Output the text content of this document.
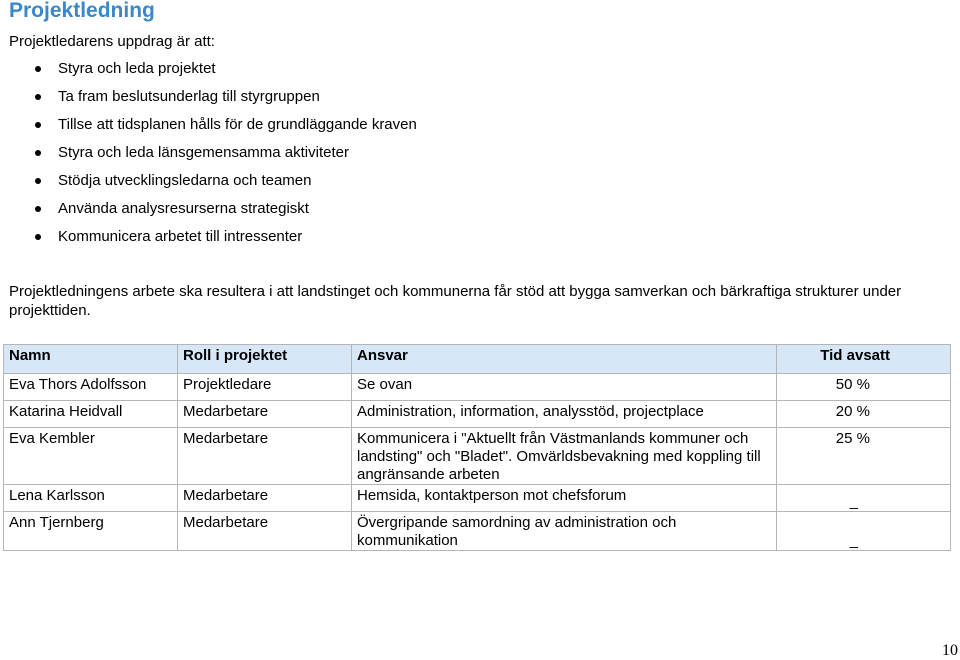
Projektledning
Projektledarens uppdrag är att:
Styra och leda projektet
Ta fram beslutsunderlag till styrgruppen
Tillse att tidsplanen hålls för de grundläggande kraven
Styra och leda länsgemensamma aktiviteter
Stödja utvecklingsledarna och teamen
Använda analysresurserna strategiskt
Kommunicera arbetet till intressenter

Projektledningens arbete ska resultera i att landstinget och kommunerna får stöd att bygga samverkan och bärkraftiga strukturer under projekttiden.

Namn	Roll i projektet	Ansvar	Tid avsatt
Eva Thors Adolfsson	Projektledare	Se ovan	50 %
Katarina Heidvall	Medarbetare	Administration, information, analysstöd, projectplace	20 %
Eva Kembler	Medarbetare	Kommunicera i "Aktuellt från Västmanlands kommuner och landsting" och "Bladet". Omvärldsbevakning med koppling till angränsande arbeten	25 %
Lena Karlsson	Medarbetare	Hemsida, kontaktperson mot chefsforum	_
Ann Tjernberg	Medarbetare	Övergripande samordning av administration och kommunikation	_
10
